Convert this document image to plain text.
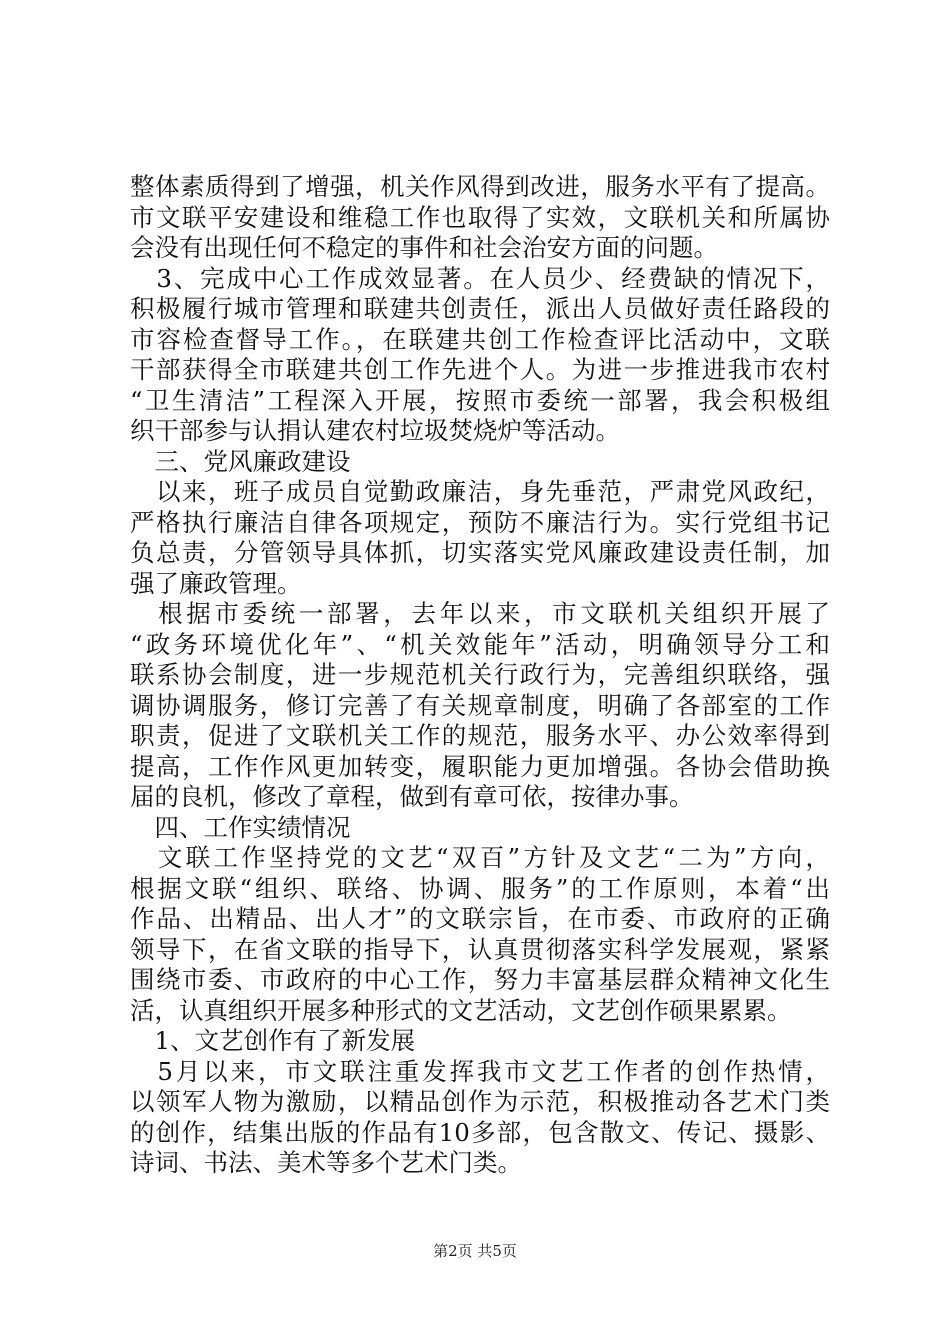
整体素质得到了增强，机关作风得到改进，服务水平有了提高。
市文联平安建设和维稳工作也取得了实效，文联机关和所属协
会没有出现任何不稳定的事件和社会治安方面的问题。
　3、完成中心工作成效显著。在人员少、经费缺的情况下，
积极履行城市管理和联建共创责任，派出人员做好责任路段的
市容检查督导工作。，在联建共创工作检查评比活动中，文联
干部获得全市联建共创工作先进个人。为进一步推进我市农村
“卫生清洁”工程深入开展，按照市委统一部署，我会积极组
织干部参与认捐认建农村垃圾焚烧炉等活动。
　三、党风廉政建设
　以来，班子成员自觉勤政廉洁，身先垂范，严肃党风政纪，
严格执行廉洁自律各项规定，预防不廉洁行为。实行党组书记
负总责，分管领导具体抓，切实落实党风廉政建设责任制，加
强了廉政管理。
　根据市委统一部署，去年以来，市文联机关组织开展了
“政务环境优化年”、“机关效能年”活动，明确领导分工和
联系协会制度，进一步规范机关行政行为，完善组织联络，强
调协调服务，修订完善了有关规章制度，明确了各部室的工作
职责，促进了文联机关工作的规范，服务水平、办公效率得到
提高，工作作风更加转变，履职能力更加增强。各协会借助换
届的良机，修改了章程，做到有章可依，按律办事。
　四、工作实绩情况
　文联工作坚持党的文艺“双百”方针及文艺“二为”方向，
根据文联“组织、联络、协调、服务”的工作原则，本着“出
作品、出精品、出人才”的文联宗旨，在市委、市政府的正确
领导下，在省文联的指导下，认真贯彻落实科学发展观，紧紧
围绕市委、市政府的中心工作，努力丰富基层群众精神文化生
活，认真组织开展多种形式的文艺活动，文艺创作硕果累累。
　1、文艺创作有了新发展
　5月以来，市文联注重发挥我市文艺工作者的创作热情，
以领军人物为激励，以精品创作为示范，积极推动各艺术门类
的创作，结集出版的作品有10多部，包含散文、传记、摄影、
诗词、书法、美术等多个艺术门类。
第2页 共5页
